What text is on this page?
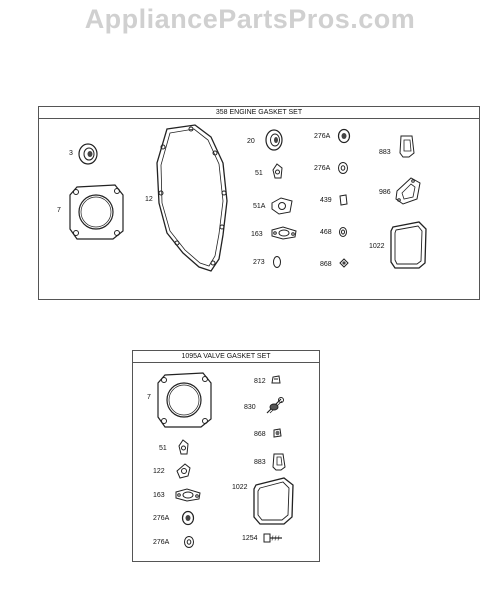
AppliancePartsPros.com
358 ENGINE GASKET SET
3
7
12
20
51
51A
163
273
276A
276A
439
468
868
883
986
1022
1095A VALVE GASKET SET
7
51
122
163
276A
276A
812
830
868
883
1022
1254
